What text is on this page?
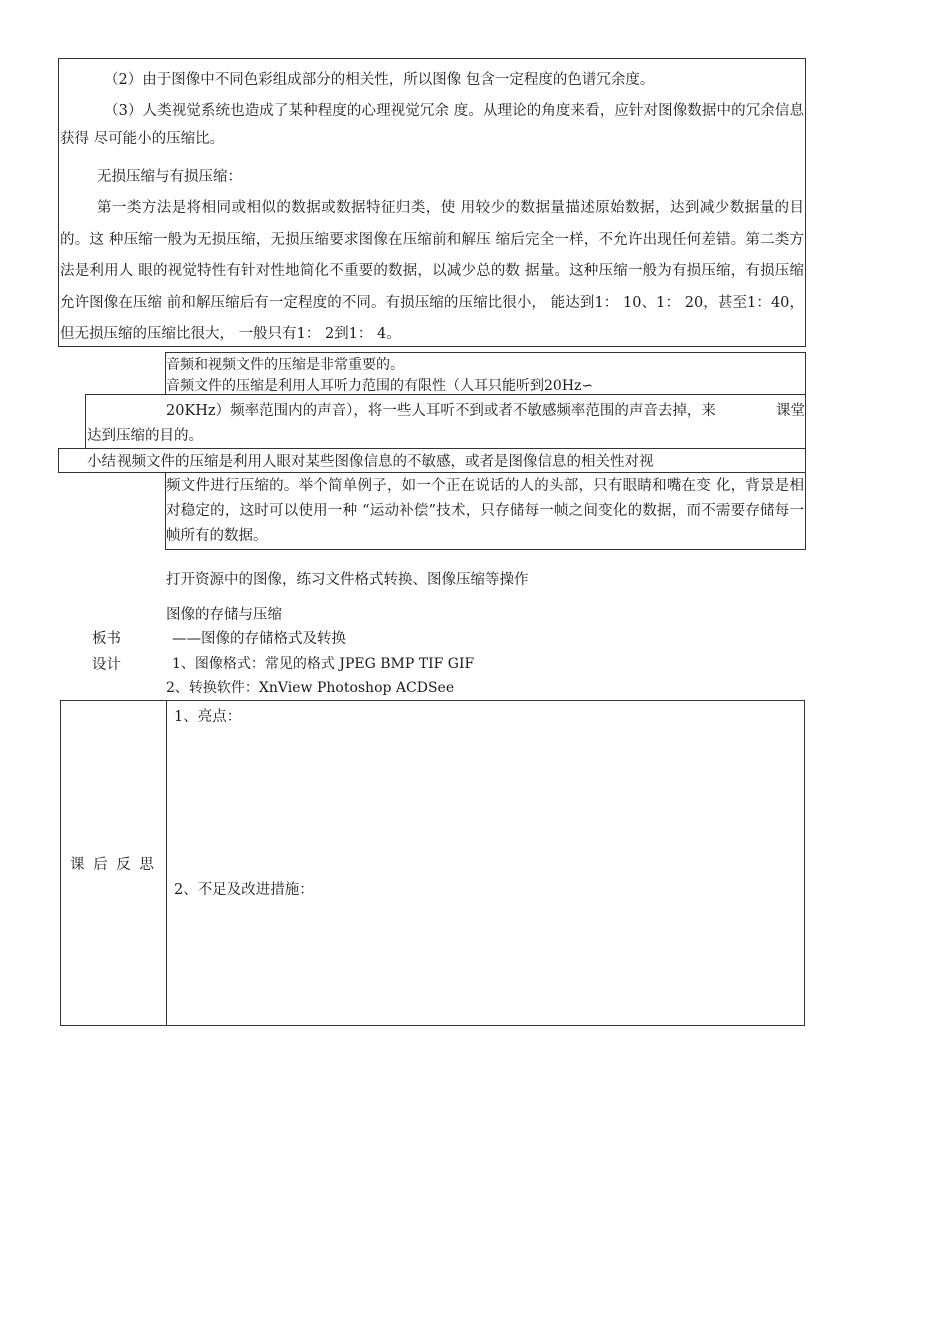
（2）由于图像中不同色彩组成部分的相关性，所以图像 包含一定程度的色谱冗余度。
（3）人类视觉系统也造成了某种程度的心理视觉冗余 度。从理论的角度来看，应针对图像数据中的冗余信息获得 尽可能小的压缩比。
无损压缩与有损压缩：
第一类方法是将相同或相似的数据或数据特征归类，使 用较少的数据量描述原始数据，达到减少数据量的目的。这 种压缩一般为无损压缩，无损压缩要求图像在压缩前和解压 缩后完全一样，不允许出现任何差错。第二类方法是利用人 眼的视觉特性有针对性地简化不重要的数据，以减少总的数 据量。这种压缩一般为有损压缩，有损压缩允许图像在压缩 前和解压缩后有一定程度的不同。有损压缩的压缩比很小， 能达到1： 10、1： 20，甚至1：40，但无损压缩的压缩比很大， 一般只有1： 2到1： 4。
音频和视频文件的压缩是非常重要的。
音频文件的压缩是利用人耳听力范围的有限性（人耳只能听到20Hz∽
20KHz）频率范围内的声音），将一些人耳听不到或者不敏感频率范围的声音去掉，来	课堂
达到压缩的目的。
小结 视频文件的压缩是利用人眼对某些图像信息的不敏感，或者是图像信息的相关性对视
频文件进行压缩的。举个简单例子，如一个正在说话的人的头部，只有眼睛和嘴在变 化，背景是相对稳定的，这时可以使用一种 “运动补偿”技术，只存储每一帧之间变化的数据，而不需要存储每一帧所有的数据。
打开资源中的图像，练习文件格式转换、图像压缩等操作
板书
设计
图像的存储与压缩
——图像的存储格式及转换
1、图像格式：常见的格式 JPEG BMP TIF GIF
2、转换软件：XnView Photoshop ACDSee
课 后 反 思
1、亮点：
2、不足及改进措施：
